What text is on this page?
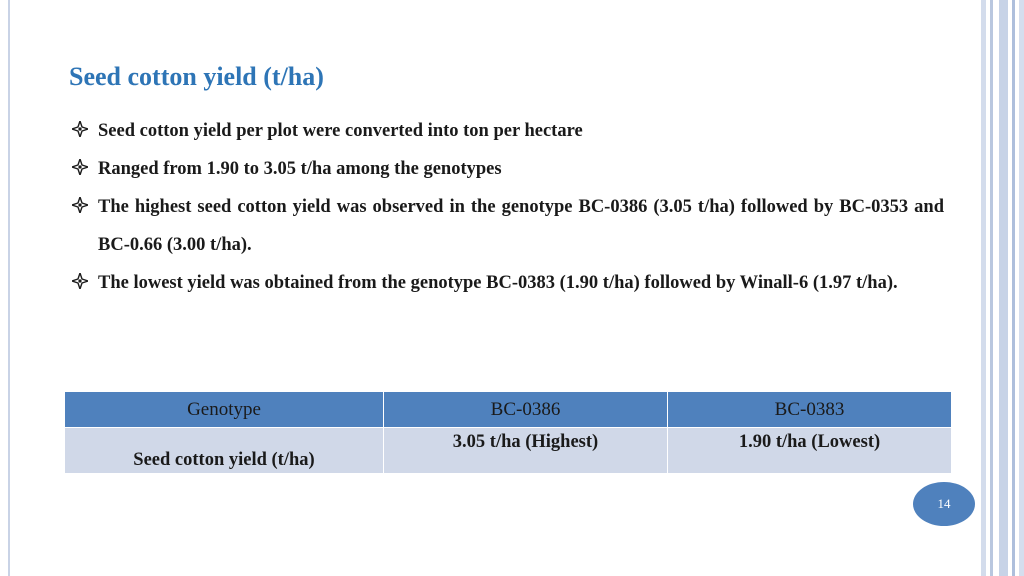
Seed cotton yield (t/ha)
Seed cotton yield per plot were converted into ton per hectare
Ranged from 1.90 to 3.05 t/ha among the genotypes
The highest seed cotton yield was observed in the genotype BC-0386 (3.05 t/ha) followed by BC-0353 and BC-0.66 (3.00 t/ha).
The lowest yield was obtained from the genotype BC-0383 (1.90 t/ha) followed by Winall-6 (1.97 t/ha).
Genotype	BC-0386	BC-0383
Seed cotton yield (t/ha)	3.05 t/ha (Highest)	1.90 t/ha (Lowest)
14
